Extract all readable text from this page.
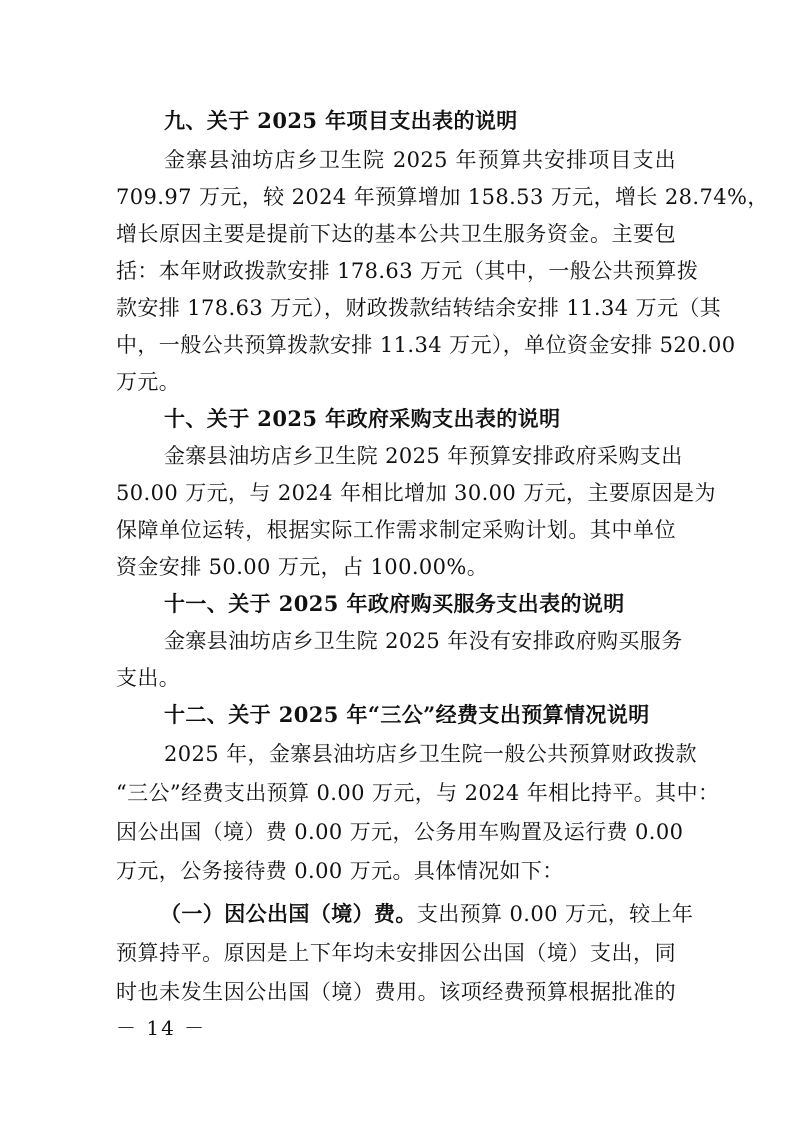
九、关于 2025 年项目支出表的说明
金寨县油坊店乡卫生院 2025 年预算共安排项目支出
709.97 万元，较 2024 年预算增加 158.53 万元，增长 28.74%，
增长原因主要是提前下达的基本公共卫生服务资金。主要包
括：本年财政拨款安排 178.63 万元（其中，一般公共预算拨
款安排 178.63 万元），财政拨款结转结余安排 11.34 万元（其
中，一般公共预算拨款安排 11.34 万元），单位资金安排 520.00
万元。
十、关于 2025 年政府采购支出表的说明
金寨县油坊店乡卫生院 2025 年预算安排政府采购支出
50.00 万元，与 2024 年相比增加 30.00 万元，主要原因是为
保障单位运转，根据实际工作需求制定采购计划。其中单位
资金安排 50.00 万元，占 100.00%。
十一、关于 2025 年政府购买服务支出表的说明
金寨县油坊店乡卫生院 2025 年没有安排政府购买服务
支出。
十二、关于 2025 年“三公”经费支出预算情况说明
2025 年，金寨县油坊店乡卫生院一般公共预算财政拨款
“三公”经费支出预算 0.00 万元，与 2024 年相比持平。其中：
因公出国（境）费 0.00 万元，公务用车购置及运行费 0.00
万元，公务接待费 0.00 万元。具体情况如下：
（一）因公出国（境）费。支出预算 0.00 万元，较上年
预算持平。原因是上下年均未安排因公出国（境）支出，同
时也未发生因公出国（境）费用。该项经费预算根据批准的
－ 14 －
